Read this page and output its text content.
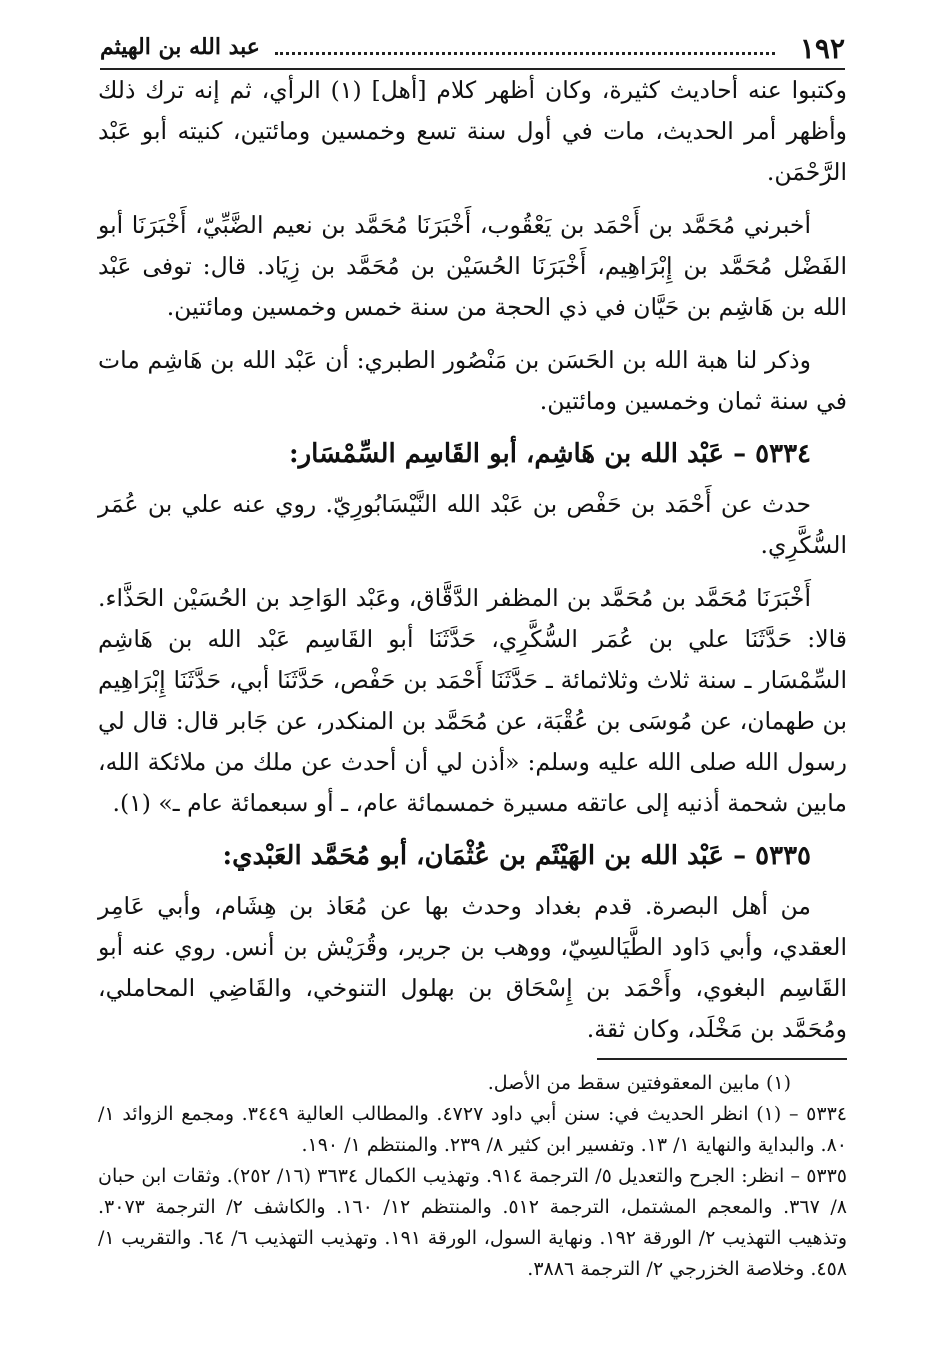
١٩٢
عبد الله بن الهيثم

وكتبوا عنه أحاديث كثيرة، وكان أظهر كلام [أهل] (١) الرأي، ثم إنه ترك ذلك وأظهر أمر الحديث، مات في أول سنة تسع وخمسين ومائتين، كنيته أبو عَبْد الرَّحْمَن.

أخبرني مُحَمَّد بن أَحْمَد بن يَعْقُوب، أَخْبَرَنَا مُحَمَّد بن نعيم الضَّبِّيّ، أَخْبَرَنَا أبو الفَضْل مُحَمَّد بن إِبْرَاهِيم، أَخْبَرَنَا الحُسَيْن بن مُحَمَّد بن زِيَاد. قال: توفى عَبْد الله بن هَاشِم بن حَيَّان في ذي الحجة من سنة خمس وخمسين ومائتين.

وذكر لنا هبة الله بن الحَسَن بن مَنْصُور الطبري: أن عَبْد الله بن هَاشِم مات في سنة ثمان وخمسين ومائتين.

٥٣٣٤ – عَبْد الله بن هَاشِم، أبو القَاسِم السِّمْسَار:

حدث عن أَحْمَد بن حَفْص بن عَبْد الله النَّيْسَابُورِيّ. روي عنه علي بن عُمَر السُّكَّرِي.

أَخْبَرَنَا مُحَمَّد بن مُحَمَّد بن المظفر الدَّقَّاق، وعَبْد الوَاحِد بن الحُسَيْن الحَذَّاء. قالا: حَدَّثَنَا علي بن عُمَر السُّكَّرِي، حَدَّثَنَا أبو القَاسِم عَبْد الله بن هَاشِم السِّمْسَار ـ سنة ثلاث وثلاثمائة ـ حَدَّثَنَا أَحْمَد بن حَفْص، حَدَّثَنَا أبي، حَدَّثَنَا إِبْرَاهِيم بن طهمان، عن مُوسَى بن عُقْبَة، عن مُحَمَّد بن المنكدر، عن جَابر قال: قال لي رسول الله صلى الله عليه وسلم: «أذن لي أن أحدث عن ملك من ملائكة الله، مابين شحمة أذنيه إلى عاتقه مسيرة خمسمائة عام، ـ أو سبعمائة عام ـ» (١).

٥٣٣٥ – عَبْد الله بن الهَيْثَم بن عُثْمَان، أبو مُحَمَّد العَبْدي:

من أهل البصرة. قدم بغداد وحدث بها عن مُعَاذ بن هِشَام، وأبي عَامِر العقدي، وأبي دَاود الطَّيَالسِيّ، ووهب بن جرير، وقُرَيْش بن أنس. روي عنه أبو القَاسِم البغوي، وأَحْمَد بن إِسْحَاق بن بهلول التنوخي، والقَاضِي المحاملي، ومُحَمَّد بن مَخْلَد، وكان ثقة.

(١) مابين المعقوفتين سقط من الأصل.

٥٣٣٤ – (١) انظر الحديث في: سنن أبي داود ٤٧٢٧. والمطالب العالية ٣٤٤٩. ومجمع الزوائد ١/ ٨٠. والبداية والنهاية ١/ ١٣. وتفسير ابن كثير ٨/ ٢٣٩. والمنتظم ١/ ١٩٠.

٥٣٣٥ – انظر: الجرح والتعديل ٥/ الترجمة ٩١٤. وتهذيب الكمال ٣٦٣٤ (١٦/ ٢٥٢). وثقات ابن حبان ٨/ ٣٦٧. والمعجم المشتمل، الترجمة ٥١٢. والمنتظم ١٢/ ١٦٠. والكاشف ٢/ الترجمة ٣٠٧٣. وتذهيب التهذيب ٢/ الورقة ١٩٢. ونهاية السول، الورقة ١٩١. وتهذيب التهذيب ٦/ ٦٤. والتقريب ١/ ٤٥٨. وخلاصة الخزرجي ٢/ الترجمة ٣٨٨٦.
